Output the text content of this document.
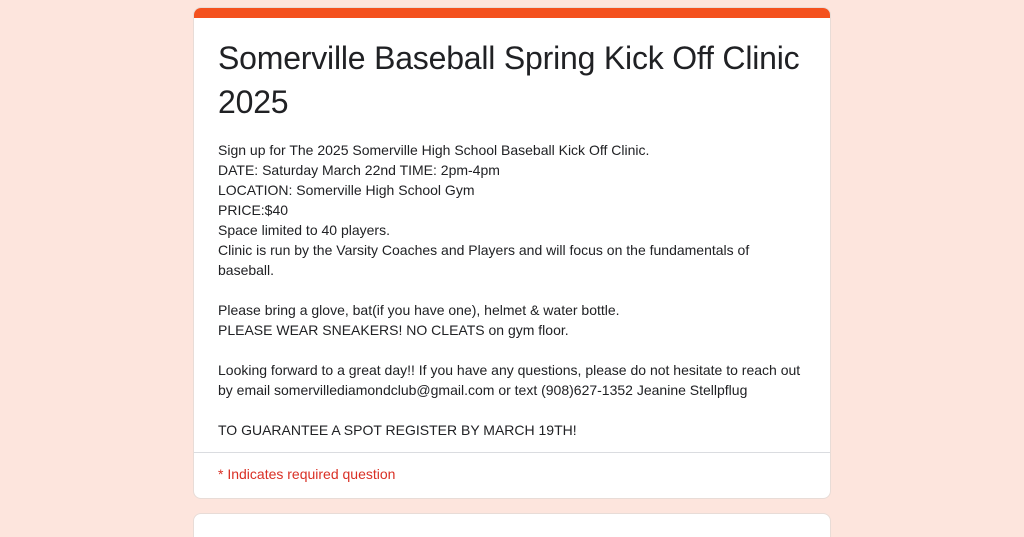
Somerville Baseball Spring Kick Off Clinic 2025
Sign up for The 2025 Somerville High School Baseball Kick Off Clinic.
DATE: Saturday March 22nd TIME: 2pm-4pm
LOCATION: Somerville High School Gym
PRICE:$40
Space limited to 40 players.
Clinic is run by the Varsity Coaches and Players and will focus on the fundamentals of baseball.
Please bring a glove, bat(if you have one), helmet & water bottle.
PLEASE WEAR SNEAKERS! NO CLEATS on gym floor.
Looking forward to a great day!! If you have any questions, please do not hesitate to reach out by email somervillediamondclub@gmail.com or text (908)627-1352 Jeanine Stellpflug
TO GUARANTEE A SPOT REGISTER BY MARCH 19TH!
* Indicates required question
